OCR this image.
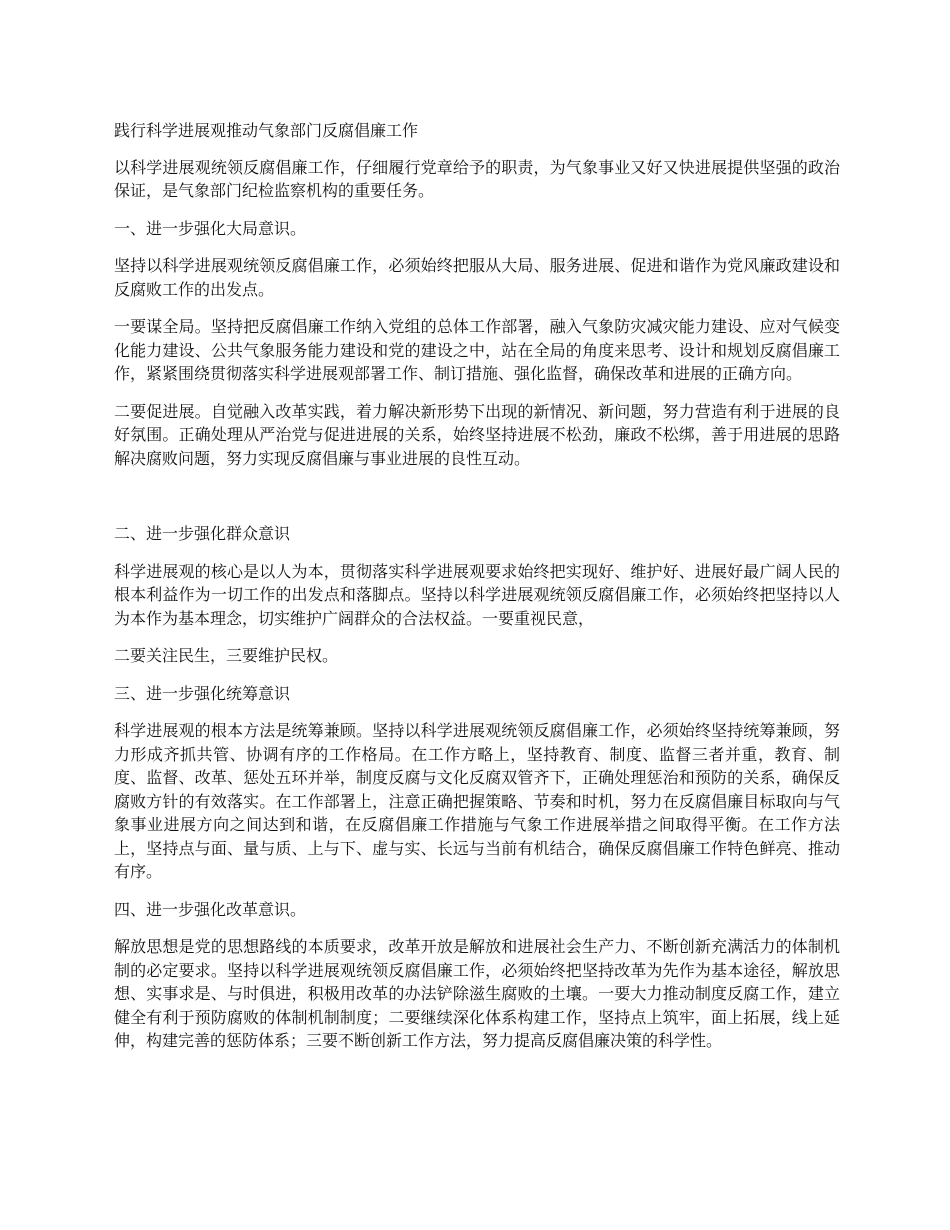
践行科学进展观推动气象部门反腐倡廉工作

以科学进展观统领反腐倡廉工作，仔细履行党章给予的职责，为气象事业又好又快进展提供坚强的政治保证，是气象部门纪检监察机构的重要任务。

一、进一步强化大局意识。

坚持以科学进展观统领反腐倡廉工作，必须始终把服从大局、服务进展、促进和谐作为党风廉政建设和反腐败工作的出发点。

一要谋全局。坚持把反腐倡廉工作纳入党组的总体工作部署，融入气象防灾减灾能力建设、应对气候变化能力建设、公共气象服务能力建设和党的建设之中，站在全局的角度来思考、设计和规划反腐倡廉工作，紧紧围绕贯彻落实科学进展观部署工作、制订措施、强化监督，确保改革和进展的正确方向。

二要促进展。自觉融入改革实践，着力解决新形势下出现的新情况、新问题，努力营造有利于进展的良好氛围。正确处理从严治党与促进进展的关系，始终坚持进展不松劲，廉政不松绑，善于用进展的思路解决腐败问题，努力实现反腐倡廉与事业进展的良性互动。

二、进一步强化群众意识

科学进展观的核心是以人为本，贯彻落实科学进展观要求始终把实现好、维护好、进展好最广阔人民的根本利益作为一切工作的出发点和落脚点。坚持以科学进展观统领反腐倡廉工作，必须始终把坚持以人为本作为基本理念，切实维护广阔群众的合法权益。一要重视民意，

二要关注民生，三要维护民权。

三、进一步强化统筹意识

科学进展观的根本方法是统筹兼顾。坚持以科学进展观统领反腐倡廉工作，必须始终坚持统筹兼顾，努力形成齐抓共管、协调有序的工作格局。在工作方略上，坚持教育、制度、监督三者并重，教育、制度、监督、改革、惩处五环并举，制度反腐与文化反腐双管齐下，正确处理惩治和预防的关系，确保反腐败方针的有效落实。在工作部署上，注意正确把握策略、节奏和时机，努力在反腐倡廉目标取向与气象事业进展方向之间达到和谐，在反腐倡廉工作措施与气象工作进展举措之间取得平衡。在工作方法上，坚持点与面、量与质、上与下、虚与实、长远与当前有机结合，确保反腐倡廉工作特色鲜亮、推动有序。

四、进一步强化改革意识。

解放思想是党的思想路线的本质要求，改革开放是解放和进展社会生产力、不断创新充满活力的体制机制的必定要求。坚持以科学进展观统领反腐倡廉工作，必须始终把坚持改革为先作为基本途径，解放思想、实事求是、与时俱进，积极用改革的办法铲除滋生腐败的土壤。一要大力推动制度反腐工作，建立健全有利于预防腐败的体制机制制度；二要继续深化体系构建工作，坚持点上筑牢，面上拓展，线上延伸，构建完善的惩防体系；三要不断创新工作方法，努力提高反腐倡廉决策的科学性。
